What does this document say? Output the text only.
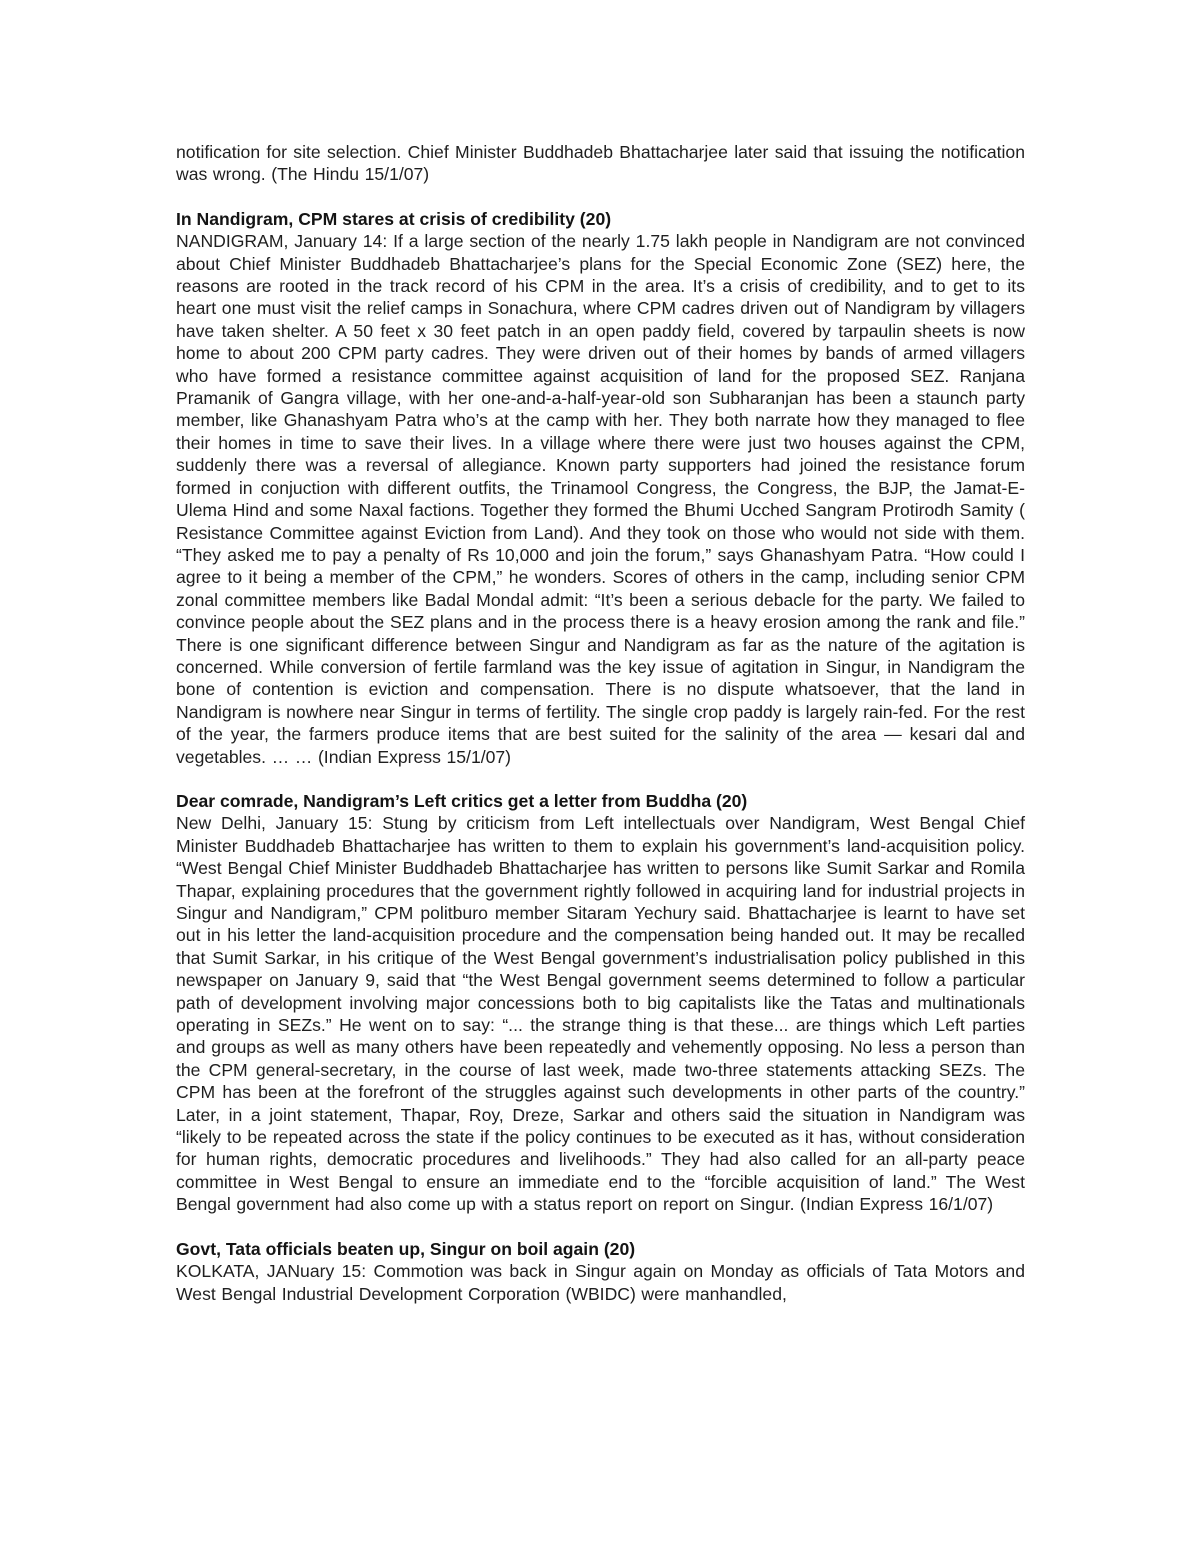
notification for site selection. Chief Minister Buddhadeb Bhattacharjee later said that issuing the notification was wrong. (The Hindu 15/1/07)

In Nandigram, CPM stares at crisis of credibility (20)

NANDIGRAM, January 14: If a large section of the nearly 1.75 lakh people in Nandigram are not convinced about Chief Minister Buddhadeb Bhattacharjee’s plans for the Special Economic Zone (SEZ) here, the reasons are rooted in the track record of his CPM in the area. It’s a crisis of credibility, and to get to its heart one must visit the relief camps in Sonachura, where CPM cadres driven out of Nandigram by villagers have taken shelter. A 50 feet x 30 feet patch in an open paddy field, covered by tarpaulin sheets is now home to about 200 CPM party cadres. They were driven out of their homes by bands of armed villagers who have formed a resistance committee against acquisition of land for the proposed SEZ. Ranjana Pramanik of Gangra village, with her one-and-a-half-year-old son Subharanjan has been a staunch party member, like Ghanashyam Patra who’s at the camp with her. They both narrate how they managed to flee their homes in time to save their lives. In a village where there were just two houses against the CPM, suddenly there was a reversal of allegiance. Known party supporters had joined the resistance forum formed in conjuction with different outfits, the Trinamool Congress, the Congress, the BJP, the Jamat-E-Ulema Hind and some Naxal factions. Together they formed the Bhumi Ucched Sangram Protirodh Samity ( Resistance Committee against Eviction from Land). And they took on those who would not side with them. “They asked me to pay a penalty of Rs 10,000 and join the forum,” says Ghanashyam Patra. “How could I agree to it being a member of the CPM,” he wonders. Scores of others in the camp, including senior CPM zonal committee members like Badal Mondal admit: “It’s been a serious debacle for the party. We failed to convince people about the SEZ plans and in the process there is a heavy erosion among the rank and file.” There is one significant difference between Singur and Nandigram as far as the nature of the agitation is concerned. While conversion of fertile farmland was the key issue of agitation in Singur, in Nandigram the bone of contention is eviction and compensation. There is no dispute whatsoever, that the land in Nandigram is nowhere near Singur in terms of fertility. The single crop paddy is largely rain-fed. For the rest of the year, the farmers produce items that are best suited for the salinity of the area — kesari dal and vegetables. … … (Indian Express 15/1/07)

Dear comrade, Nandigram’s Left critics get a letter from Buddha (20)

New Delhi, January 15: Stung by criticism from Left intellectuals over Nandigram, West Bengal Chief Minister Buddhadeb Bhattacharjee has written to them to explain his government’s land-acquisition policy. “West Bengal Chief Minister Buddhadeb Bhattacharjee has written to persons like Sumit Sarkar and Romila Thapar, explaining procedures that the government rightly followed in acquiring land for industrial projects in Singur and Nandigram,” CPM politburo member Sitaram Yechury said. Bhattacharjee is learnt to have set out in his letter the land-acquisition procedure and the compensation being handed out. It may be recalled that Sumit Sarkar, in his critique of the West Bengal government’s industrialisation policy published in this newspaper on January 9, said that “the West Bengal government seems determined to follow a particular path of development involving major concessions both to big capitalists like the Tatas and multinationals operating in SEZs.” He went on to say: “... the strange thing is that these... are things which Left parties and groups as well as many others have been repeatedly and vehemently opposing. No less a person than the CPM general-secretary, in the course of last week, made two-three statements attacking SEZs. The CPM has been at the forefront of the struggles against such developments in other parts of the country.” Later, in a joint statement, Thapar, Roy, Dreze, Sarkar and others said the situation in Nandigram was “likely to be repeated across the state if the policy continues to be executed as it has, without consideration for human rights, democratic procedures and livelihoods.” They had also called for an all-party peace committee in West Bengal to ensure an immediate end to the “forcible acquisition of land.” The West Bengal government had also come up with a status report on report on Singur. (Indian Express 16/1/07)

Govt, Tata officials beaten up, Singur on boil again (20)

KOLKATA, JANuary 15: Commotion was back in Singur again on Monday as officials of Tata Motors and West Bengal Industrial Development Corporation (WBIDC) were manhandled,
